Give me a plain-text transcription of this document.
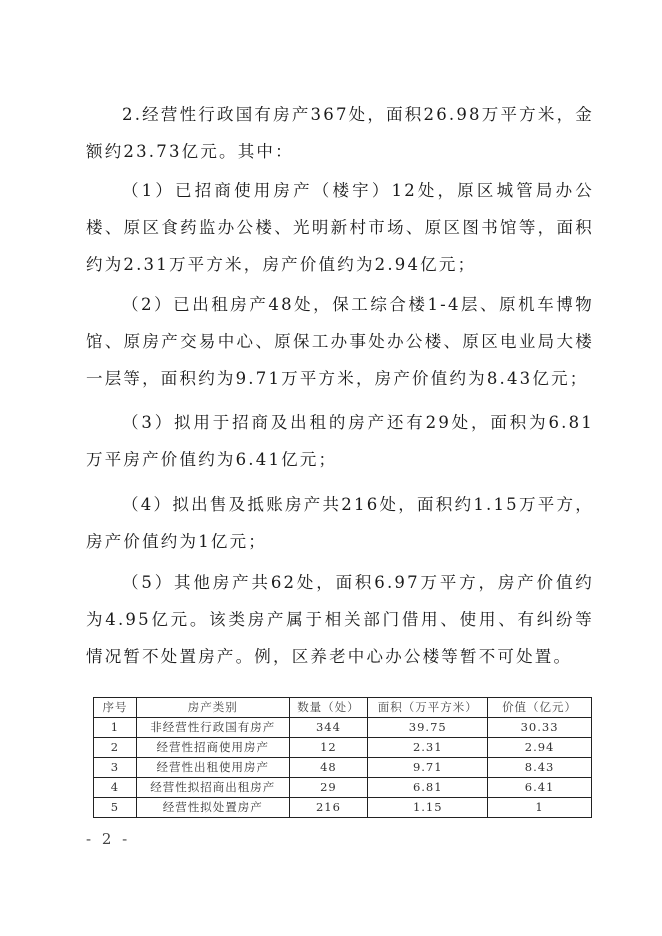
2.经营性行政国有房产367处，面积26.98万平方米，金额约23.73亿元。其中：

（1）已招商使用房产（楼宇）12处，原区城管局办公楼、原区食药监办公楼、光明新村市场、原区图书馆等，面积约为2.31万平方米，房产价值约为2.94亿元；

（2）已出租房产48处，保工综合楼1-4层、原机车博物馆、原房产交易中心、原保工办事处办公楼、原区电业局大楼一层等，面积约为9.71万平方米，房产价值约为8.43亿元；

（3）拟用于招商及出租的房产还有29处，面积为6.81万平房产价值约为6.41亿元；

（4）拟出售及抵账房产共216处，面积约1.15万平方，房产价值约为1亿元；

（5）其他房产共62处，面积6.97万平方，房产价值约为4.95亿元。该类房产属于相关部门借用、使用、有纠纷等情况暂不处置房产。例，区养老中心办公楼等暂不可处置。

序号	房产类别	数量（处）	面积（万平方米）	价值（亿元）
1	非经营性行政国有房产	344	39.75	30.33
2	经营性招商使用房产	12	2.31	2.94
3	经营性出租使用房产	48	9.71	8.43
4	经营性拟招商出租房产	29	6.81	6.41
5	经营性拟处置房产	216	1.15	1
- 2 -
